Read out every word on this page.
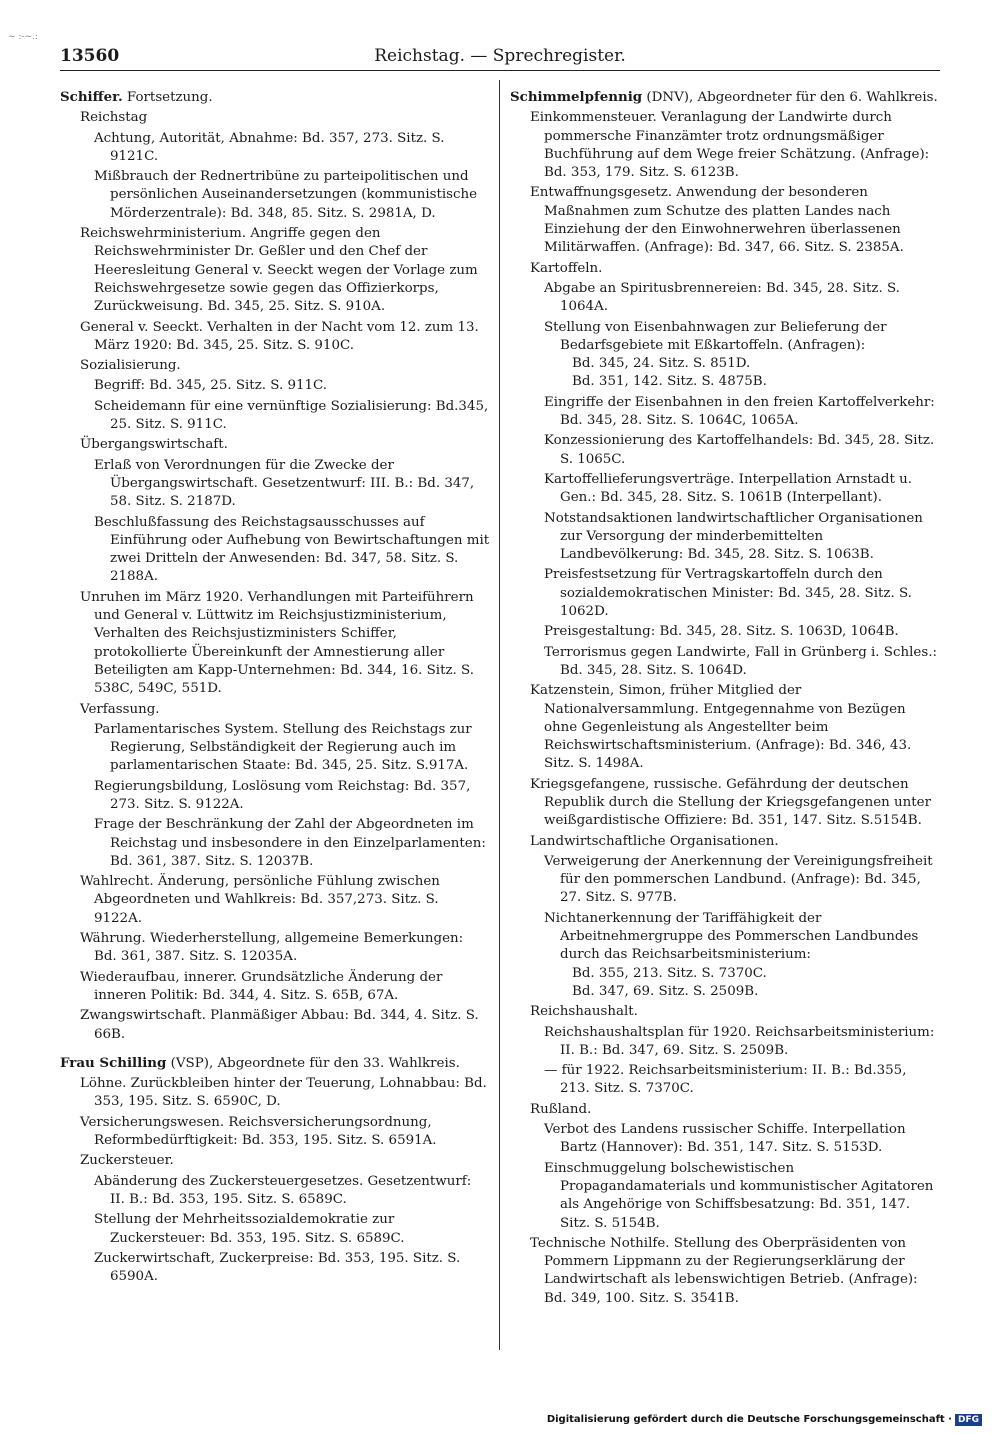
~ :-~.:
13560	Reichstag. — Sprechregister.

Schiffer. Fortsetzung.

Reichstag

Achtung, Autorität, Abnahme: Bd. 357, 273. Sitz. S. 9121C.

Mißbrauch der Rednertribüne zu parteipolitischen und persönlichen Auseinandersetzungen (kommunistische Mörderzentrale): Bd. 348, 85. Sitz. S. 2981A, D.

Reichswehrministerium. Angriffe gegen den Reichswehrminister Dr. Geßler und den Chef der Heeresleitung General v. Seeckt wegen der Vorlage zum Reichswehrgesetze sowie gegen das Offizierkorps, Zurückweisung. Bd. 345, 25. Sitz. S. 910A.

General v. Seeckt. Verhalten in der Nacht vom 12. zum 13. März 1920: Bd. 345, 25. Sitz. S. 910C.

Sozialisierung.

Begriff: Bd. 345, 25. Sitz. S. 911C.

Scheidemann für eine vernünftige Sozialisierung: Bd.345, 25. Sitz. S. 911C.

Übergangswirtschaft.

Erlaß von Verordnungen für die Zwecke der Übergangswirtschaft. Gesetzentwurf: III. B.: Bd. 347, 58. Sitz. S. 2187D.

Beschlußfassung des Reichstagsausschusses auf Einführung oder Aufhebung von Bewirtschaftungen mit zwei Dritteln der Anwesenden: Bd. 347, 58. Sitz. S. 2188A.

Unruhen im März 1920. Verhandlungen mit Parteiführern und General v. Lüttwitz im Reichsjustizministerium, Verhalten des Reichsjustizministers Schiffer, protokollierte Übereinkunft der Amnestierung aller Beteiligten am Kapp-Unternehmen: Bd. 344, 16. Sitz. S. 538C, 549C, 551D.

Verfassung.

Parlamentarisches System. Stellung des Reichstags zur Regierung, Selbständigkeit der Regierung auch im parlamentarischen Staate: Bd. 345, 25. Sitz. S.917A.

Regierungsbildung, Loslösung vom Reichstag: Bd. 357, 273. Sitz. S. 9122A.

Frage der Beschränkung der Zahl der Abgeordneten im Reichstag und insbesondere in den Einzelparlamenten: Bd. 361, 387. Sitz. S. 12037B.

Wahlrecht. Änderung, persönliche Fühlung zwischen Abgeordneten und Wahlkreis: Bd. 357,273. Sitz. S. 9122A.

Währung. Wiederherstellung, allgemeine Bemerkungen: Bd. 361, 387. Sitz. S. 12035A.

Wiederaufbau, innerer. Grundsätzliche Änderung der inneren Politik: Bd. 344, 4. Sitz. S. 65B, 67A.

Zwangswirtschaft. Planmäßiger Abbau: Bd. 344, 4. Sitz. S. 66B.

Frau Schilling (VSP), Abgeordnete für den 33. Wahlkreis.

Löhne. Zurückbleiben hinter der Teuerung, Lohnabbau: Bd. 353, 195. Sitz. S. 6590C, D.

Versicherungswesen. Reichsversicherungsordnung, Reformbedürftigkeit: Bd. 353, 195. Sitz. S. 6591A.

Zuckersteuer.

Abänderung des Zuckersteuergesetzes. Gesetzentwurf: II. B.: Bd. 353, 195. Sitz. S. 6589C.

Stellung der Mehrheitssozialdemokratie zur Zuckersteuer: Bd. 353, 195. Sitz. S. 6589C.

Zuckerwirtschaft, Zuckerpreise: Bd. 353, 195. Sitz. S. 6590A.

Schimmelpfennig (DNV), Abgeordneter für den 6. Wahlkreis.

Einkommensteuer. Veranlagung der Landwirte durch pommersche Finanzämter trotz ordnungsmäßiger Buchführung auf dem Wege freier Schätzung. (Anfrage): Bd. 353, 179. Sitz. S. 6123B.

Entwaffnungsgesetz. Anwendung der besonderen Maßnahmen zum Schutze des platten Landes nach Einziehung der den Einwohnerwehren überlassenen Militärwaffen. (Anfrage): Bd. 347, 66. Sitz. S. 2385A.

Kartoffeln.

Abgabe an Spiritusbrennereien: Bd. 345, 28. Sitz. S. 1064A.

Stellung von Eisenbahnwagen zur Belieferung der Bedarfsgebiete mit Eßkartoffeln. (Anfragen):

Bd. 345, 24. Sitz. S. 851D.

Bd. 351, 142. Sitz. S. 4875B.

Eingriffe der Eisenbahnen in den freien Kartoffelverkehr: Bd. 345, 28. Sitz. S. 1064C, 1065A.

Konzessionierung des Kartoffelhandels: Bd. 345, 28. Sitz. S. 1065C.

Kartoffellieferungsverträge. Interpellation Arnstadt u. Gen.: Bd. 345, 28. Sitz. S. 1061B (Interpellant).

Notstandsaktionen landwirtschaftlicher Organisationen zur Versorgung der minderbemittelten Landbevölkerung: Bd. 345, 28. Sitz. S. 1063B.

Preisfestsetzung für Vertragskartoffeln durch den sozialdemokratischen Minister: Bd. 345, 28. Sitz. S. 1062D.

Preisgestaltung: Bd. 345, 28. Sitz. S. 1063D, 1064B.

Terrorismus gegen Landwirte, Fall in Grünberg i. Schles.: Bd. 345, 28. Sitz. S. 1064D.

Katzenstein, Simon, früher Mitglied der Nationalversammlung. Entgegennahme von Bezügen ohne Gegenleistung als Angestellter beim Reichswirtschaftsministerium. (Anfrage): Bd. 346, 43. Sitz. S. 1498A.

Kriegsgefangene, russische. Gefährdung der deutschen Republik durch die Stellung der Kriegsgefangenen unter weißgardistische Offiziere: Bd. 351, 147. Sitz. S.5154B.

Landwirtschaftliche Organisationen.

Verweigerung der Anerkennung der Vereinigungsfreiheit für den pommerschen Landbund. (Anfrage): Bd. 345, 27. Sitz. S. 977B.

Nichtanerkennung der Tariffähigkeit der Arbeitnehmergruppe des Pommerschen Landbundes durch das Reichsarbeitsministerium:

Bd. 355, 213. Sitz. S. 7370C.

Bd. 347, 69. Sitz. S. 2509B.

Reichshaushalt.

Reichshaushaltsplan für 1920. Reichsarbeitsministerium: II. B.: Bd. 347, 69. Sitz. S. 2509B.

— für 1922. Reichsarbeitsministerium: II. B.: Bd.355, 213. Sitz. S. 7370C.

Rußland.

Verbot des Landens russischer Schiffe. Interpellation Bartz (Hannover): Bd. 351, 147. Sitz. S. 5153D.

Einschmuggelung bolschewistischen Propagandamaterials und kommunistischer Agitatoren als Angehörige von Schiffsbesatzung: Bd. 351, 147. Sitz. S. 5154B.

Technische Nothilfe. Stellung des Oberpräsidenten von Pommern Lippmann zu der Regierungserklärung der Landwirtschaft als lebenswichtigen Betrieb. (Anfrage): Bd. 349, 100. Sitz. S. 3541B.

Digitalisierung gefördert durch die Deutsche Forschungsgemeinschaft · DFG
